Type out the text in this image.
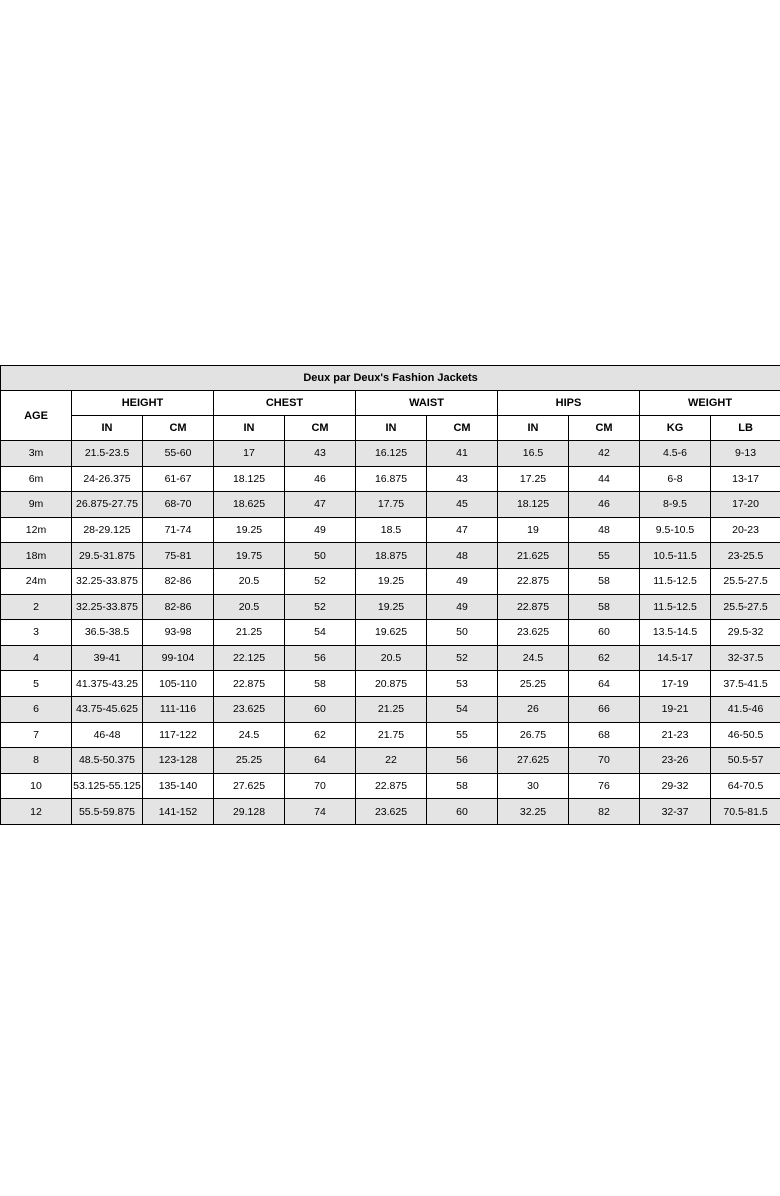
Deux par Deux's Fashion Jackets										
AGE	HEIGHT		CHEST		WAIST		HIPS		WEIGHT	
	IN	CM	IN	CM	IN	CM	IN	CM	KG	LB
3m	21.5-23.5	55-60	17	43	16.125	41	16.5	42	4.5-6	9-13
6m	24-26.375	61-67	18.125	46	16.875	43	17.25	44	6-8	13-17
9m	26.875-27.75	68-70	18.625	47	17.75	45	18.125	46	8-9.5	17-20
12m	28-29.125	71-74	19.25	49	18.5	47	19	48	9.5-10.5	20-23
18m	29.5-31.875	75-81	19.75	50	18.875	48	21.625	55	10.5-11.5	23-25.5
24m	32.25-33.875	82-86	20.5	52	19.25	49	22.875	58	11.5-12.5	25.5-27.5
2	32.25-33.875	82-86	20.5	52	19.25	49	22.875	58	11.5-12.5	25.5-27.5
3	36.5-38.5	93-98	21.25	54	19.625	50	23.625	60	13.5-14.5	29.5-32
4	39-41	99-104	22.125	56	20.5	52	24.5	62	14.5-17	32-37.5
5	41.375-43.25	105-110	22.875	58	20.875	53	25.25	64	17-19	37.5-41.5
6	43.75-45.625	111-116	23.625	60	21.25	54	26	66	19-21	41.5-46
7	46-48	117-122	24.5	62	21.75	55	26.75	68	21-23	46-50.5
8	48.5-50.375	123-128	25.25	64	22	56	27.625	70	23-26	50.5-57
10	53.125-55.125	135-140	27.625	70	22.875	58	30	76	29-32	64-70.5
12	55.5-59.875	141-152	29.128	74	23.625	60	32.25	82	32-37	70.5-81.5
